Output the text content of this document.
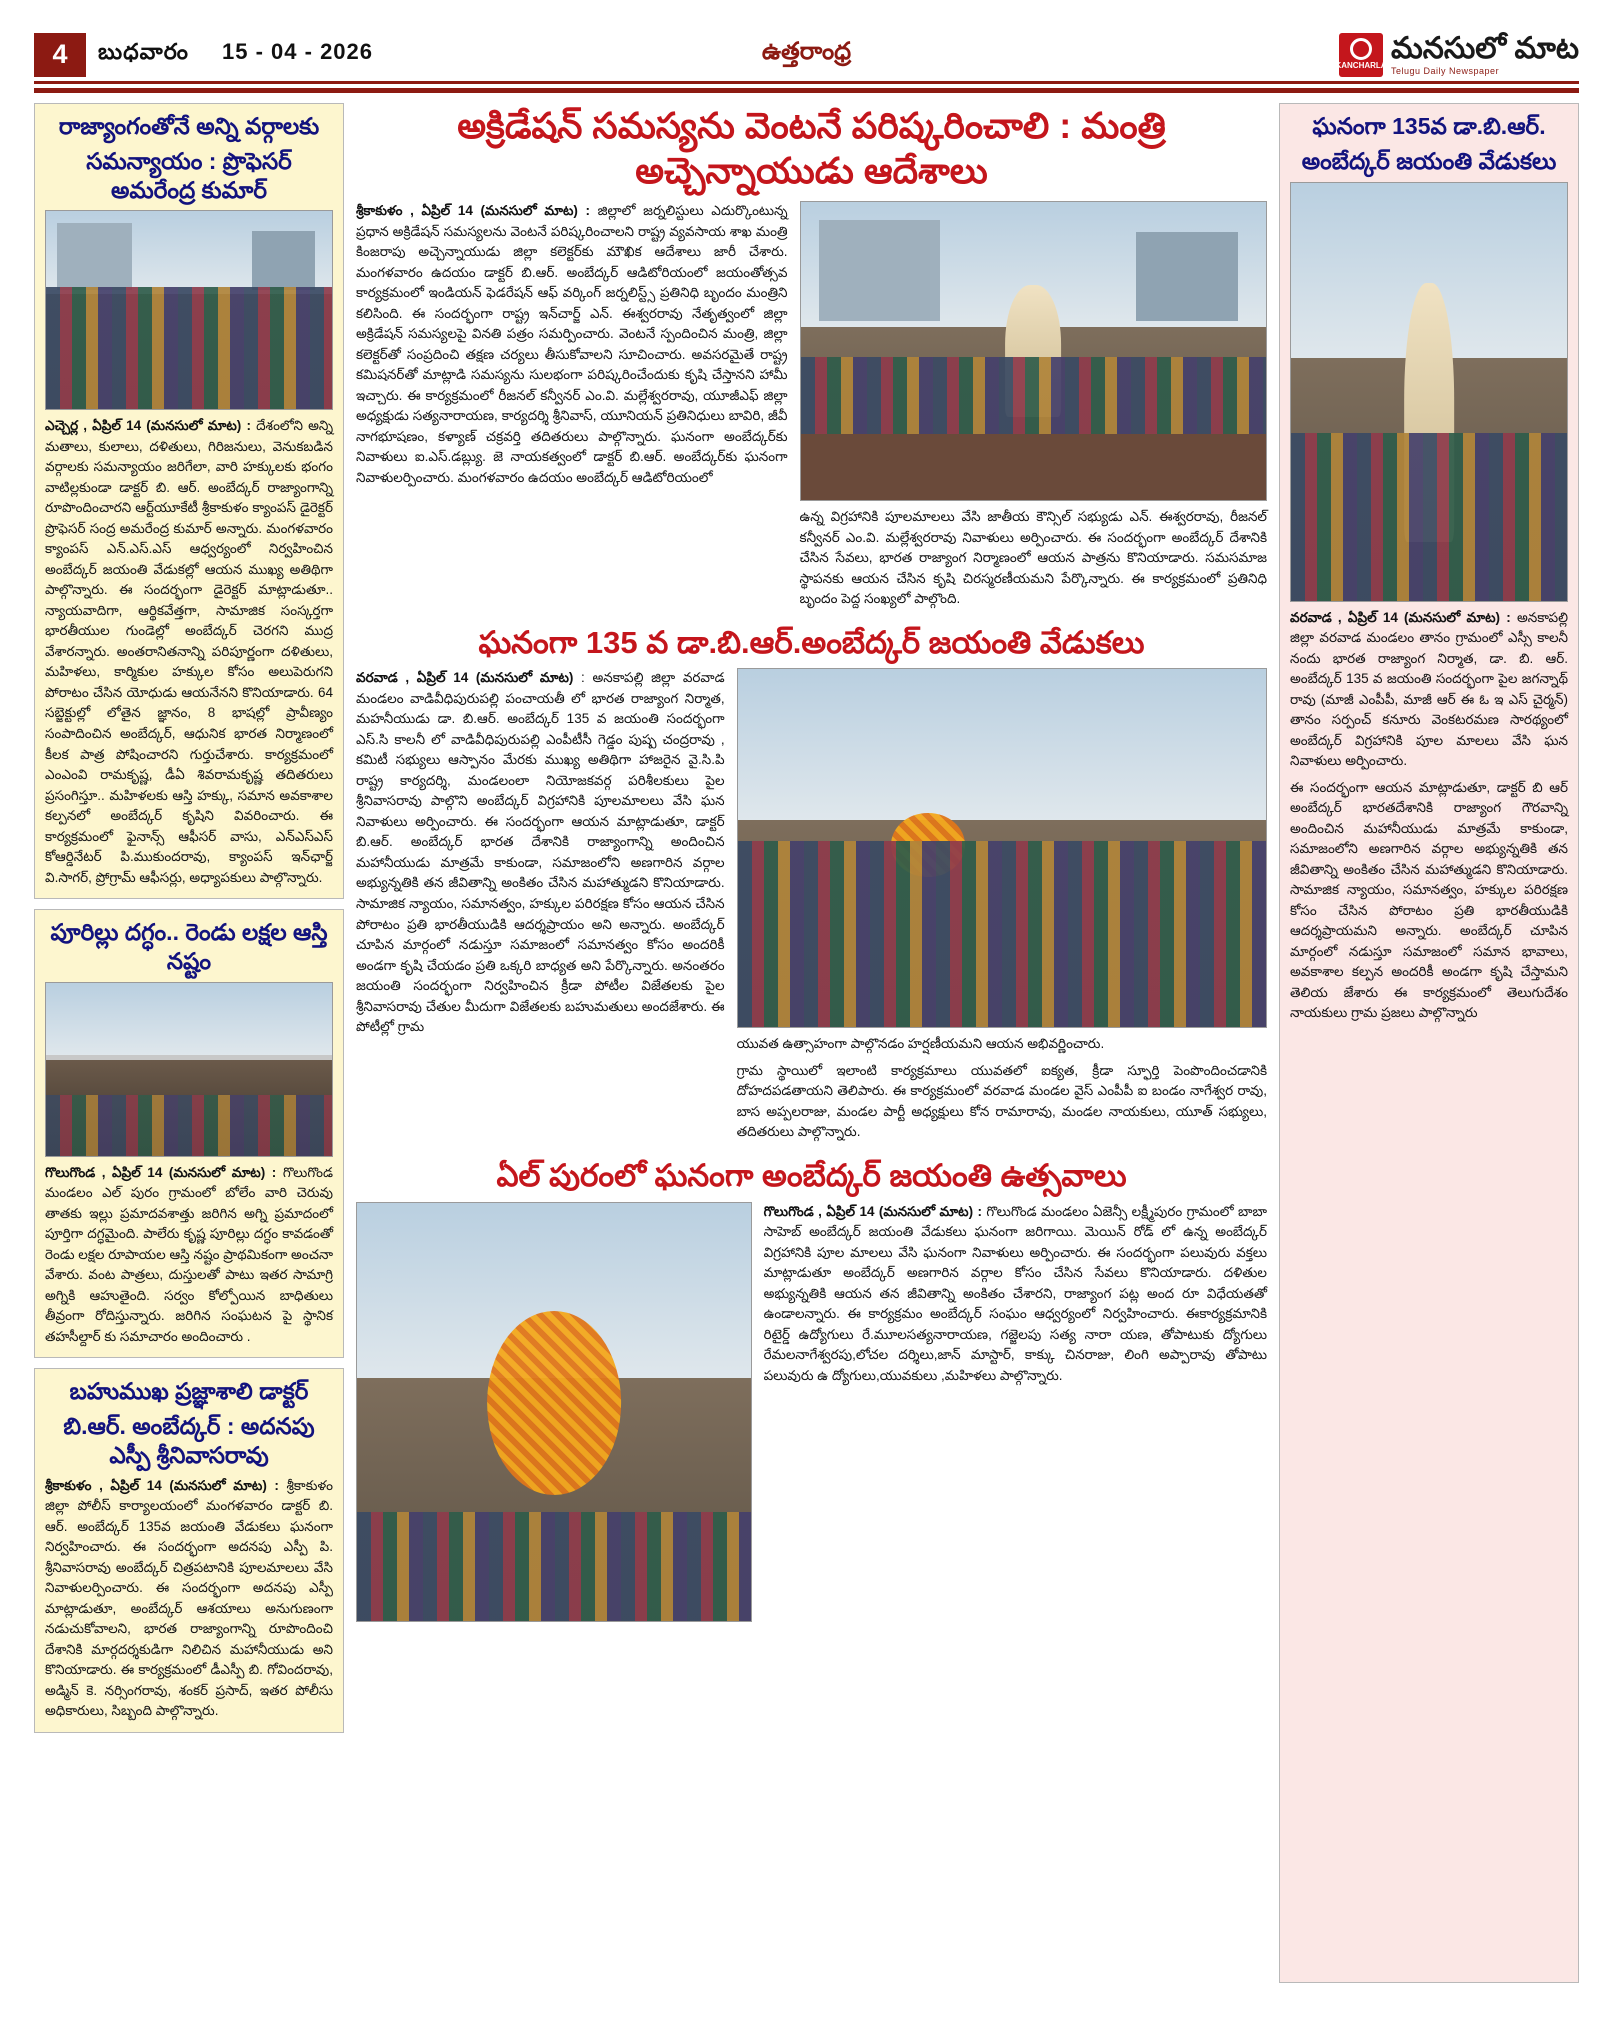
4	బుధవారం 15 - 04 - 2026	ఉత్తరాంధ్ర
KANCHARLA
మనసులో మాట
Telugu Daily Newspaper
రాజ్యాంగంతోనే అన్ని వర్గాలకు
సమన్యాయం : ప్రొఫెసర్ అమరేంద్ర కుమార్
ఎచ్చెర్ల , ఏప్రిల్ 14 (మనసులో మాట) : దేశంలోని అన్ని మతాలు, కులాలు, దళితులు, గిరిజనులు, వెనుకబడిన వర్గాలకు సమన్యాయం జరిగేలా, వారి హక్కులకు భంగం వాటిల్లకుండా డాక్టర్ బి. ఆర్. అంబేద్కర్ రాజ్యాంగాన్ని రూపొందించారని ఆర్ట్‌యూకేటీ శ్రీకాకుళం క్యాంపస్ డైరెక్టర్ ప్రొఫెసర్ సంద్ర అమరేంద్ర కుమార్ అన్నారు. మంగళవారం క్యాంపస్ ఎన్.ఎస్.ఎస్ ఆధ్వర్యంలో నిర్వహించిన అంబేద్కర్ జయంతి వేడుకల్లో ఆయన ముఖ్య అతిథిగా పాల్గొన్నారు. ఈ సందర్భంగా డైరెక్టర్ మాట్లాడుతూ.. న్యాయవాదిగా, ఆర్థికవేత్తగా, సామాజిక సంస్కర్తగా భారతీయుల గుండెల్లో అంబేద్కర్ చెరగని ముద్ర వేశారన్నారు. అంతరానితనాన్ని పరిపూర్ణంగా దళితులు, మహిళలు, కార్మికుల హక్కుల కోసం అలుపెరుగని పోరాటం చేసిన యోధుడు ఆయనేనని కొనియాడారు. 64 సబ్జెక్టుల్లో లోతైన జ్ఞానం, 8 భాషల్లో ప్రావీణ్యం సంపాదించిన అంబేద్కర్, ఆధునిక భారత నిర్మాణంలో కీలక పాత్ర పోషించారని గుర్తుచేశారు. కార్యక్రమంలో ఎంఎంవి రామకృష్ణ, డీఏ శివరామకృష్ణ తదితరులు ప్రసంగిస్తూ.. మహిళలకు ఆస్తి హక్కు, సమాన అవకాశాల కల్పనలో అంబేద్కర్ కృషిని వివరించారు. ఈ కార్యక్రమంలో ఫైనాన్స్ ఆఫీసర్ వాసు, ఎన్‌ఎస్‌ఎస్ కోఆర్డినేటర్ పి.ముకుందరావు, క్యాంపస్ ఇన్‌ఛార్జ్ వి.సాగర్, ప్రోగ్రామ్ ఆఫీసర్లు, అధ్యాపకులు పాల్గొన్నారు.
పూరిల్లు దగ్ధం.. రెండు లక్షల ఆస్తి నష్టం
గొలుగొండ , ఏప్రిల్ 14 (మనసులో మాట) : గొలుగొండ మండలం ఎల్ పురం గ్రామంలో బోలేం వారి చెరువు తాతకు ఇల్లు ప్రమాదవశాత్తు జరిగిన అగ్ని ప్రమాదంలో పూర్తిగా దగ్ధమైంది. పాలేరు కృష్ణ పూరిల్లు దగ్ధం కావడంతో రెండు లక్షల రూపాయల ఆస్తి నష్టం ప్రాథమికంగా అంచనా వేశారు. వంట పాత్రలు, దుస్తులతో పాటు ఇతర సామాగ్రి అగ్నికి ఆహుతైంది. సర్వం కోల్పోయిన బాధితులు తీవ్రంగా రోదిస్తున్నారు. జరిగిన సంఘటన పై స్థానిక తహసీల్దార్ కు సమాచారం అందించారు .
బహుముఖ ప్రజ్ఞాశాలి డాక్టర్
బి.ఆర్. అంబేద్కర్ : అదనపు ఎస్పీ శ్రీనివాసరావు
శ్రీకాకుళం , ఏప్రిల్ 14 (మనసులో మాట) : శ్రీకాకుళం జిల్లా పోలీస్ కార్యాలయంలో మంగళవారం డాక్టర్ బి. ఆర్. అంబేద్కర్ 135వ జయంతి వేడుకలు ఘనంగా నిర్వహించారు. ఈ సందర్భంగా అదనపు ఎస్పీ పి. శ్రీనివాసరావు అంబేద్కర్ చిత్రపటానికి పూలమాలలు వేసి నివాళులర్పించారు. ఈ సందర్భంగా అదనపు ఎస్పీ మాట్లాడుతూ, అంబేద్కర్ ఆశయాలు అనుగుణంగా నడుచుకోవాలని, భారత రాజ్యాంగాన్ని రూపొందించి దేశానికి మార్గదర్శకుడిగా నిలిచిన మహానీయుడు అని కొనియాడారు. ఈ కార్యక్రమంలో డీఎస్పీ బి. గోవిందరావు, అడ్మిన్ కె. నర్సింగరావు, శంకర్ ప్రసాద్, ఇతర పోలీసు అధికారులు, సిబ్బంది పాల్గొన్నారు.
అక్రిడేషన్ సమస్యను వెంటనే పరిష్కరించాలి : మంత్రి అచ్చెన్నాయుడు ఆదేశాలు
శ్రీకాకుళం , ఏప్రిల్ 14 (మనసులో మాట) : జిల్లాలో జర్నలిస్టులు ఎదుర్కొంటున్న ప్రధాన అక్రిడేషన్ సమస్యలను వెంటనే పరిష్కరించాలని రాష్ట్ర వ్యవసాయ శాఖ మంత్రి కింజరాపు అచ్చెన్నాయుడు జిల్లా కలెక్టర్‌కు మౌఖిక ఆదేశాలు జారీ చేశారు. మంగళవారం ఉదయం డాక్టర్ బి.ఆర్. అంబేద్కర్ ఆడిటోరియంలో జయంతోత్సవ కార్యక్రమంలో ఇండియన్ ఫెడరేషన్ ఆఫ్ వర్కింగ్ జర్నలిస్ట్స్ ప్రతినిధి బృందం మంత్రిని కలిసింది. ఈ సందర్భంగా రాష్ట్ర ఇన్‌చార్జ్ ఎన్. ఈశ్వరరావు నేతృత్వంలో జిల్లా అక్రిడేషన్ సమస్యలపై వినతి పత్రం సమర్పించారు. వెంటనే స్పందించిన మంత్రి, జిల్లా కలెక్టర్‌తో సంప్రదించి తక్షణ చర్యలు తీసుకోవాలని సూచించారు. అవసరమైతే రాష్ట్ర కమిషనర్‌తో మాట్లాడి సమస్యను సులభంగా పరిష్కరించేందుకు కృషి చేస్తానని హామీ ఇచ్చారు. ఈ కార్యక్రమంలో రీజనల్ కన్వీనర్ ఎం.వి. మల్లేశ్వరరావు, యూజీఎఫ్ జిల్లా అధ్యక్షుడు సత్యనారాయణ, కార్యదర్శి శ్రీనివాస్, యూనియన్ ప్రతినిధులు బావిరి, జీవీ నాగభూషణం, కళ్యాణ్ చక్రవర్తి తదితరులు పాల్గొన్నారు. ఘనంగా అంబేద్కర్‌కు నివాళులు ఐ.ఎస్.డబ్ల్యు. జె నాయకత్వంలో డాక్టర్ బి.ఆర్. అంబేద్కర్‌కు ఘనంగా నివాళులర్పించారు. మంగళవారం ఉదయం అంబేద్కర్ ఆడిటోరియంలో
ఉన్న విగ్రహానికి పూలమాలలు వేసి జాతీయ కౌన్సిల్ సభ్యుడు ఎన్. ఈశ్వరరావు, రీజనల్ కన్వీనర్ ఎం.వి. మల్లేశ్వరరావు నివాళులు అర్పించారు. ఈ సందర్భంగా అంబేద్కర్ దేశానికి చేసిన సేవలు, భారత రాజ్యాంగ నిర్మాణంలో ఆయన పాత్రను కొనియాడారు. సమసమాజ స్థాపనకు ఆయన చేసిన కృషి చిరస్మరణీయమని పేర్కొన్నారు. ఈ కార్యక్రమంలో ప్రతినిధి బృందం పెద్ద సంఖ్యలో పాల్గొంది.
ఘనంగా 135 వ డా.బి.ఆర్.అంబేద్కర్ జయంతి వేడుకలు
వరవాడ , ఏప్రిల్ 14 (మనసులో మాట) : అనకాపల్లి జిల్లా వరవాడ మండలం వాడివీధిపురుపల్లి పంచాయతీ లో భారత రాజ్యాంగ నిర్మాత, మహనీయుడు డా. బి.ఆర్. అంబేద్కర్ 135 వ జయంతి సందర్భంగా ఎస్.సి కాలనీ లో వాడివీధిపురుపల్లి ఎంపీటీసీ గెడ్డం పుష్ప చంద్రరావు , కమిటీ సభ్యులు ఆస్పానం మేరకు ముఖ్య అతిథిగా హాజరైన వై.సి.పి రాష్ట్ర కార్యదర్శి, మండలంలా నియోజకవర్గ పరిశీలకులు పైల శ్రీనివాసరావు పాల్గొని అంబేద్కర్ విగ్రహానికి పూలమాలలు వేసి ఘన నివాళులు అర్పించారు. ఈ సందర్భంగా ఆయన మాట్లాడుతూ, డాక్టర్ బి.ఆర్. అంబేద్కర్ భారత దేశానికి రాజ్యాంగాన్ని అందించిన మహానీయుడు మాత్రమే కాకుండా, సమాజంలోని అణగారిన వర్గాల అభ్యున్నతికి తన జీవితాన్ని అంకితం చేసిన మహాత్ముడని కొనియాడారు. సామాజిక న్యాయం, సమానత్వం, హక్కుల పరిరక్షణ కోసం ఆయన చేసిన పోరాటం ప్రతి భారతీయుడికి ఆదర్శప్రాయం అని అన్నారు. అంబేద్కర్ చూపిన మార్గంలో నడుస్తూ సమాజంలో సమానత్వం కోసం అందరికీ అండగా కృషి చేయడం ప్రతి ఒక్కరి బాధ్యత అని పేర్కొన్నారు. అనంతరం జయంతి సందర్భంగా నిర్వహించిన క్రీడా పోటీల విజేతలకు పైల శ్రీనివాసరావు చేతుల మీదుగా విజేతలకు బహుమతులు అందజేశారు. ఈ పోటీల్లో గ్రామ
యువత ఉత్సాహంగా పాల్గొనడం హర్షణీయమని ఆయన అభివర్ణించారు.
గ్రామ స్థాయిలో ఇలాంటి కార్యక్రమాలు యువతలో ఐక్యత, క్రీడా స్ఫూర్తి పెంపొందించడానికి దోహదపడతాయని తెలిపారు. ఈ కార్యక్రమంలో వరవాడ మండల వైస్ ఎంపీపీ ఐ బండం నాగేశ్వర రావు, బాస అప్పలరాజు, మండల పార్టీ అధ్యక్షులు కోన రామారావు, మండల నాయకులు, యూత్ సభ్యులు, తదితరులు పాల్గొన్నారు.
ఏల్ పురంలో ఘనంగా అంబేద్కర్ జయంతి ఉత్సవాలు
గొలుగొండ , ఏప్రిల్ 14 (మనసులో మాట) : గొలుగొండ మండలం ఏజెన్సీ లక్ష్మీపురం గ్రామంలో బాబా సాహెబ్ అంబేద్కర్ జయంతి వేడుకలు ఘనంగా జరిగాయి. మెయిన్ రోడ్ లో ఉన్న అంబేద్కర్ విగ్రహానికి పూల మాలలు వేసి ఘనంగా నివాళులు అర్పించారు. ఈ సందర్భంగా పలువురు వక్తలు మాట్లాడుతూ అంబేద్కర్ అణగారిన వర్గాల కోసం చేసిన సేవలు కొనియాడారు. దళితుల అభ్యున్నతికి ఆయన తన జీవితాన్ని అంకితం చేశారని, రాజ్యాంగ పట్ల అంద రూ విధేయతతో ఉండాలన్నారు. ఈ కార్యక్రమం అంబేద్కర్ సంఘం ఆధ్వర్యంలో నిర్వహించారు. ఈకార్యక్రమానికి రిటైర్డ్ ఉద్యోగులు రే.మూలసత్యనారాయణ, గజ్జెలపు సత్య నారా యణ, తోపాటుకు ద్యోగులు రేమలనాగేశ్వరపు,లోచల దర్శిలు,జాన్ మాస్టార్, కాక్కు చినరాజు, లింగి అప్పారావు తోపాటు పలువురు ఉ ద్యోగులు,యువకులు ,మహిళలు పాల్గొన్నారు.
ఘనంగా 135వ డా.బి.ఆర్.
అంబేద్కర్ జయంతి వేడుకలు
వరవాడ , ఏప్రిల్ 14 (మనసులో మాట) : అనకాపల్లి జిల్లా వరవాడ మండలం తానం గ్రామంలో ఎస్సీ కాలనీ నందు భారత రాజ్యాంగ నిర్మాత, డా. బి. ఆర్. అంబేద్కర్ 135 వ జయంతి సందర్భంగా పైల జగన్నాథ్ రావు (మాజీ ఎంపీపీ, మాజీ ఆర్ ఈ ఓ ఇ ఎస్ చైర్మన్) తానం సర్పంచ్ కనూరు వెంకటరమణ సారథ్యంలో అంబేద్కర్ విగ్రహానికి పూల మాలలు వేసి ఘన నివాళులు అర్పించారు.
ఈ సందర్భంగా ఆయన మాట్లాడుతూ, డాక్టర్ బి ఆర్ అంబేద్కర్ భారతదేశానికి రాజ్యాంగ గౌరవాన్ని అందించిన మహానీయుడు మాత్రమే కాకుండా, సమాజంలోని అణగారిన వర్గాల అభ్యున్నతికి తన జీవితాన్ని అంకితం చేసిన మహాత్ముడని కొనియాడారు. సామాజిక న్యాయం, సమానత్వం, హక్కుల పరిరక్షణ కోసం చేసిన పోరాటం ప్రతి భారతీయుడికి ఆదర్శప్రాయమని అన్నారు. అంబేద్కర్ చూపిన మార్గంలో నడుస్తూ సమాజంలో సమాన భావాలు, అవకాశాల కల్పన అందరికీ అండగా కృషి చేస్తామని తెలియ జేశారు ఈ కార్యక్రమంలో తెలుగుదేశం నాయకులు గ్రామ ప్రజలు పాల్గొన్నారు
